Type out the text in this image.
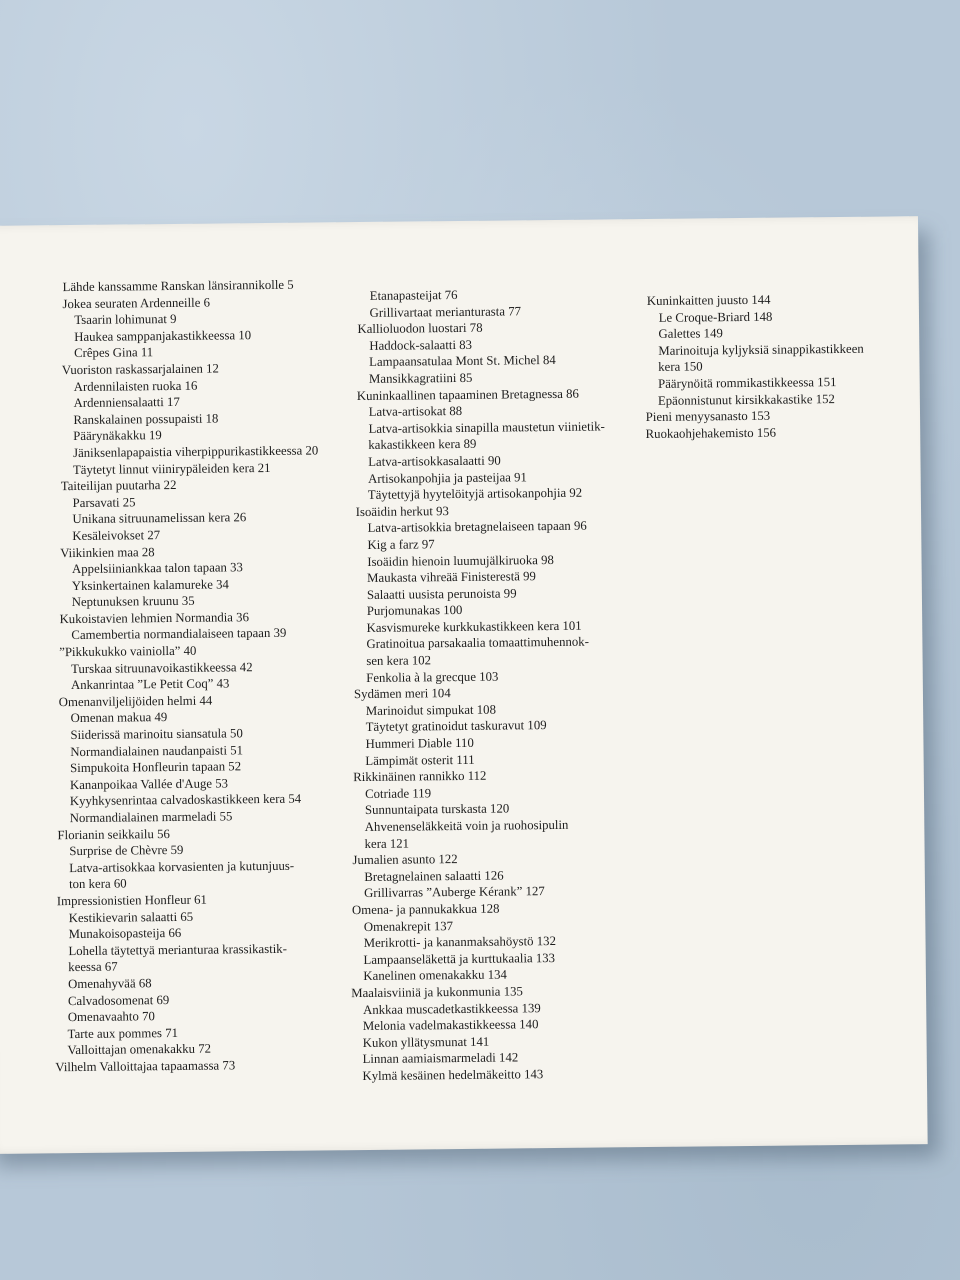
Lähde kanssamme Ranskan länsirannikolle 5
Jokea seuraten Ardenneille 6
Tsaarin lohimunat 9
Haukea samppanjakastikkeessa 10
Crêpes Gina 11
Vuoriston raskassarjalainen 12
Ardennilaisten ruoka 16
Ardenniensalaatti 17
Ranskalainen possupaisti 18
Päärynäkakku 19
Jäniksenlapapaistia viherpippurikastikkeessa 20
Täytetyt linnut viinirypäleiden kera 21
Taiteilijan puutarha 22
Parsavati 25
Unikana sitruunamelissan kera 26
Kesäleivokset 27
Viikinkien maa 28
Appelsiiniankkaa talon tapaan 33
Yksinkertainen kalamureke 34
Neptunuksen kruunu 35
Kukoistavien lehmien Normandia 36
Camembertia normandialaiseen tapaan 39
”Pikkukukko vainiolla” 40
Turskaa sitruunavoikastikkeessa 42
Ankanrintaa ”Le Petit Coq” 43
Omenanviljelijöiden helmi 44
Omenan makua 49
Siiderissä marinoitu siansatula 50
Normandialainen naudanpaisti 51
Simpukoita Honfleurin tapaan 52
Kananpoikaa Vallée d'Auge 53
Kyyhkysenrintaa calvadoskastikkeen kera 54
Normandialainen marmeladi 55
Florianin seikkailu 56
Surprise de Chèvre 59
Latva-artisokkaa korvasienten ja kutunjuus-
ton kera 60
Impressionistien Honfleur 61
Kestikievarin salaatti 65
Munakoisopasteija 66
Lohella täytettyä merianturaa krassikastik-
keessa 67
Omenahyvää 68
Calvadosomenat 69
Omenavaahto 70
Tarte aux pommes 71
Valloittajan omenakakku 72
Vilhelm Valloittajaa tapaamassa 73
Etanapasteijat 76
Grillivartaat merianturasta 77
Kallioluodon luostari 78
Haddock-salaatti 83
Lampaansatulaa Mont St. Michel 84
Mansikkagratiini 85
Kuninkaallinen tapaaminen Bretagnessa 86
Latva-artisokat 88
Latva-artisokkia sinapilla maustetun viinietik-
kakastikkeen kera 89
Latva-artisokkasalaatti 90
Artisokanpohjia ja pasteijaa 91
Täytettyjä hyytelöityjä artisokanpohjia 92
Isoäidin herkut 93
Latva-artisokkia bretagnelaiseen tapaan 96
Kig a farz 97
Isoäidin hienoin luumujälkiruoka 98
Maukasta vihreää Finisterestä 99
Salaatti uusista perunoista 99
Purjomunakas 100
Kasvismureke kurkkukastikkeen kera 101
Gratinoitua parsakaalia tomaattimuhennok-
sen kera 102
Fenkolia à la grecque 103
Sydämen meri 104
Marinoidut simpukat 108
Täytetyt gratinoidut taskuravut 109
Hummeri Diable 110
Lämpimät osterit 111
Rikkinäinen rannikko 112
Cotriade 119
Sunnuntaipata turskasta 120
Ahvenenseläkkeitä voin ja ruohosipulin
kera 121
Jumalien asunto 122
Bretagnelainen salaatti 126
Grillivarras ”Auberge Kérank” 127
Omena- ja pannukakkua 128
Omenakrepit 137
Merikrotti- ja kananmaksahöystö 132
Lampaanseläkettä ja kurttukaalia 133
Kanelinen omenakakku 134
Maalaisviiniä ja kukonmunia 135
Ankkaa muscadetkastikkeessa 139
Melonia vadelmakastikkeessa 140
Kukon yllätysmunat 141
Linnan aamiaismarmeladi 142
Kylmä kesäinen hedelmäkeitto 143
Kuninkaitten juusto 144
Le Croque-Briard 148
Galettes 149
Marinoituja kyljyksiä sinappikastikkeen
kera 150
Päärynöitä rommikastikkeessa 151
Epäonnistunut kirsikkakastike 152
Pieni menyysanasto 153
Ruokaohjehakemisto 156
